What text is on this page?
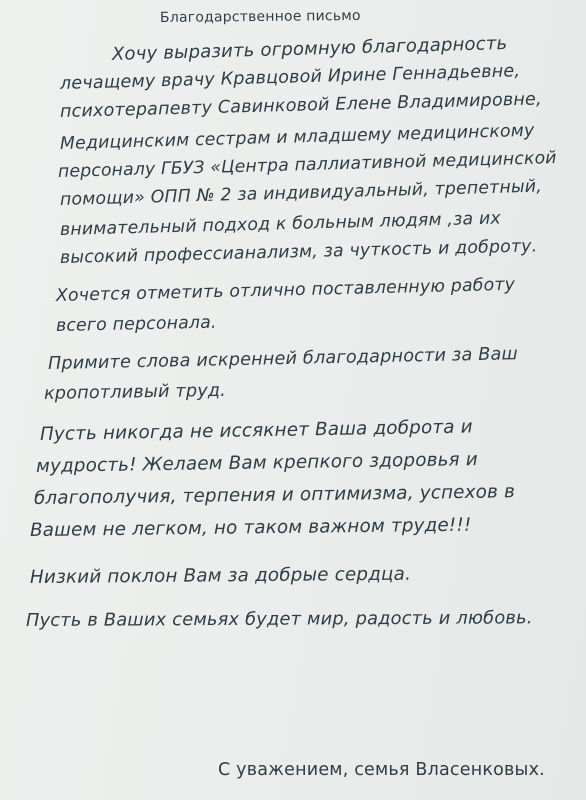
Благодарственное письмо
Хочу выразить огромную благодарность
лечащему врачу Кравцовой Ирине Геннадьевне,
психотерапевту Савинковой Елене Владимировне,
Медицинским сестрам и младшему медицинскому
персоналу ГБУЗ «Центра паллиативной медицинской
помощи» ОПП № 2 за индивидуальный, трепетный,
внимательный подход к больным людям ,за их
высокий профессианализм, за чуткость и доброту.
Хочется отметить отлично поставленную работу
всего персонала.
Примите слова искренней благодарности за Ваш
кропотливый труд.
Пусть никогда не иссякнет Ваша доброта и
мудрость! Желаем Вам крепкого здоровья и
благополучия, терпения и оптимизма, успехов в
Вашем не легком, но таком важном труде!!!
Низкий поклон Вам за добрые сердца.
Пусть в Ваших семьях будет мир, радость и любовь.
С уважением, семья Власенковых.
